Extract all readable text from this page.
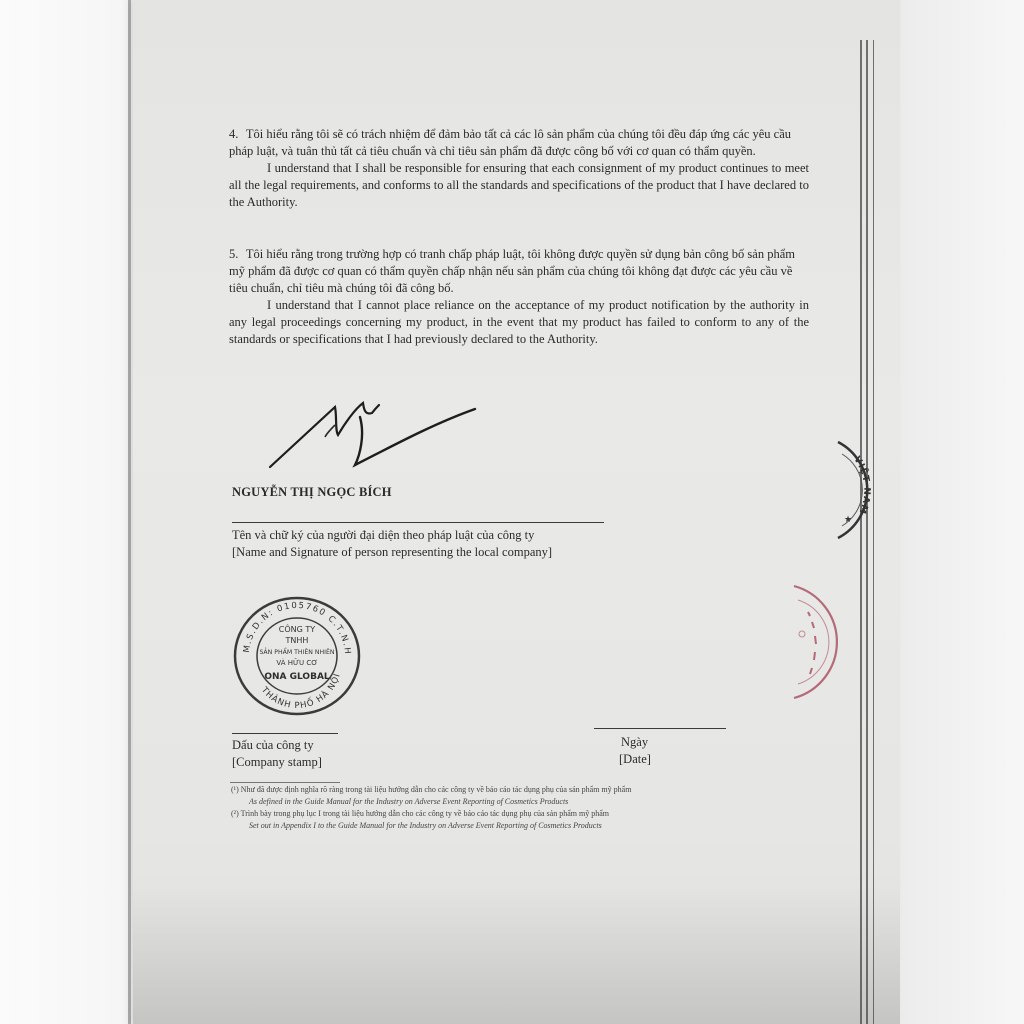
4. Tôi hiểu rằng tôi sẽ có trách nhiệm để đảm bảo tất cả các lô sản phẩm của chúng tôi đều đáp ứng các yêu cầu pháp luật, và tuân thủ tất cả tiêu chuẩn và chỉ tiêu sản phẩm đã được công bố với cơ quan có thẩm quyền.
I understand that I shall be responsible for ensuring that each consignment of my product continues to meet all the legal requirements, and conforms to all the standards and specifications of the product that I have declared to the Authority.
5. Tôi hiểu rằng trong trường hợp có tranh chấp pháp luật, tôi không được quyền sử dụng bản công bố sản phẩm mỹ phẩm đã được cơ quan có thẩm quyền chấp nhận nếu sản phẩm của chúng tôi không đạt được các yêu cầu về tiêu chuẩn, chỉ tiêu mà chúng tôi đã công bố.
I understand that I cannot place reliance on the acceptance of my product notification by the authority in any legal proceedings concerning my product, in the event that my product has failed to conform to any of the standards or specifications that I had previously declared to the Authority.
NGUYỄN THỊ NGỌC BÍCH
Tên và chữ ký của người đại diện theo pháp luật của công ty
[Name and Signature of person representing the local company]
M.S.D.N: 0105760 C.T.N.H
THÀNH PHỐ HÀ NỘI
CÔNG TY
TNHH
SẢN PHẨM THIÊN NHIÊN
VÀ HỮU CƠ
ONA GLOBAL
Dấu của công ty
[Company stamp]
Ngày
[Date]
(¹) Như đã được định nghĩa rõ ràng trong tài liệu hướng dẫn cho các công ty về báo cáo tác dụng phụ của sản phẩm mỹ phẩm
As defined in the Guide Manual for the Industry on Adverse Event Reporting of Cosmetics Products
(²) Trình bày trong phụ lục I trong tài liệu hướng dẫn cho các công ty về báo cáo tác dụng phụ của sản phẩm mỹ phẩm
Set out in Appendix I to the Guide Manual for the Industry on Adverse Event Reporting of Cosmetics Products
VIỆT NAM
★
